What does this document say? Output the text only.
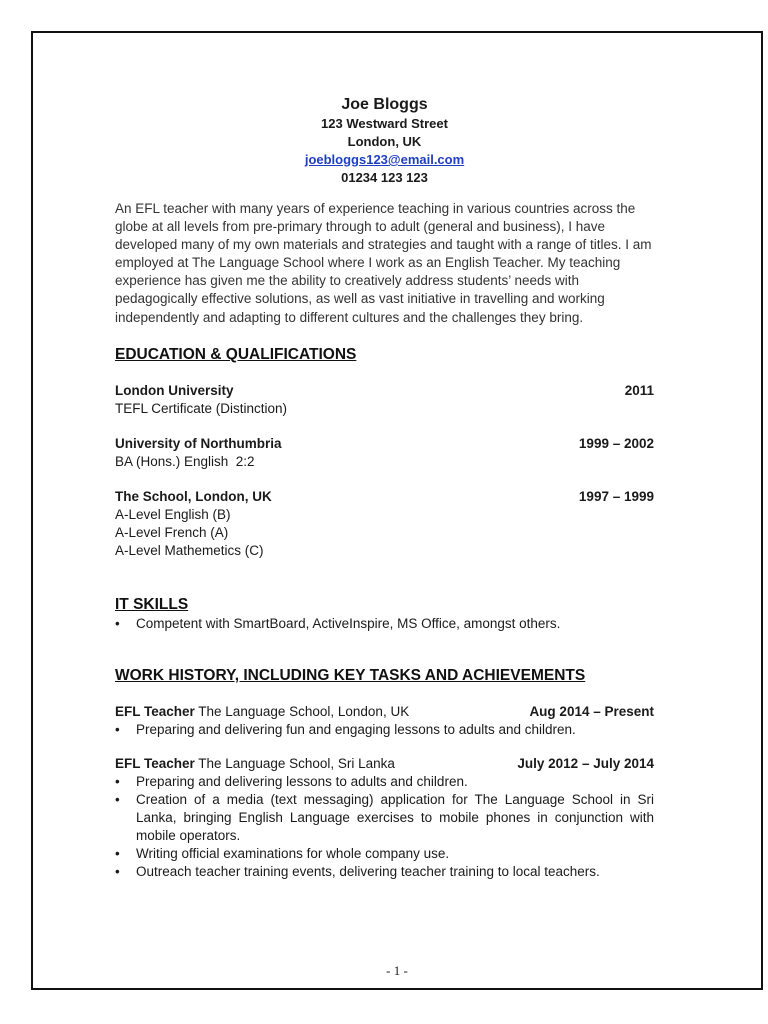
Joe Bloggs
123 Westward Street
London, UK
joebloggs123@email.com
01234 123 123
An EFL teacher with many years of experience teaching in various countries across the globe at all levels from pre-primary through to adult (general and business), I have developed many of my own materials and strategies and taught with a range of titles. I am employed at The Language School where I work as an English Teacher. My teaching experience has given me the ability to creatively address students’ needs with pedagogically effective solutions, as well as vast initiative in travelling and working independently and adapting to different cultures and the challenges they bring.
EDUCATION & QUALIFICATIONS
London University	2011
TEFL Certificate (Distinction)
University of Northumbria	1999 – 2002
BA (Hons.) English  2:2
The School, London, UK	1997 – 1999
A-Level English (B)
A-Level French (A)
A-Level Mathemetics (C)
IT SKILLS
• Competent with SmartBoard, ActiveInspire, MS Office, amongst others.
WORK HISTORY, INCLUDING KEY TASKS AND ACHIEVEMENTS
EFL Teacher The Language School, London, UK	Aug 2014 – Present
• Preparing and delivering fun and engaging lessons to adults and children.
EFL Teacher The Language School, Sri Lanka	July 2012 – July 2014
• Preparing and delivering lessons to adults and children.
• Creation of a media (text messaging) application for The Language School in Sri Lanka, bringing English Language exercises to mobile phones in conjunction with mobile operators.
• Writing official examinations for whole company use.
• Outreach teacher training events, delivering teacher training to local teachers.
- 1 -
